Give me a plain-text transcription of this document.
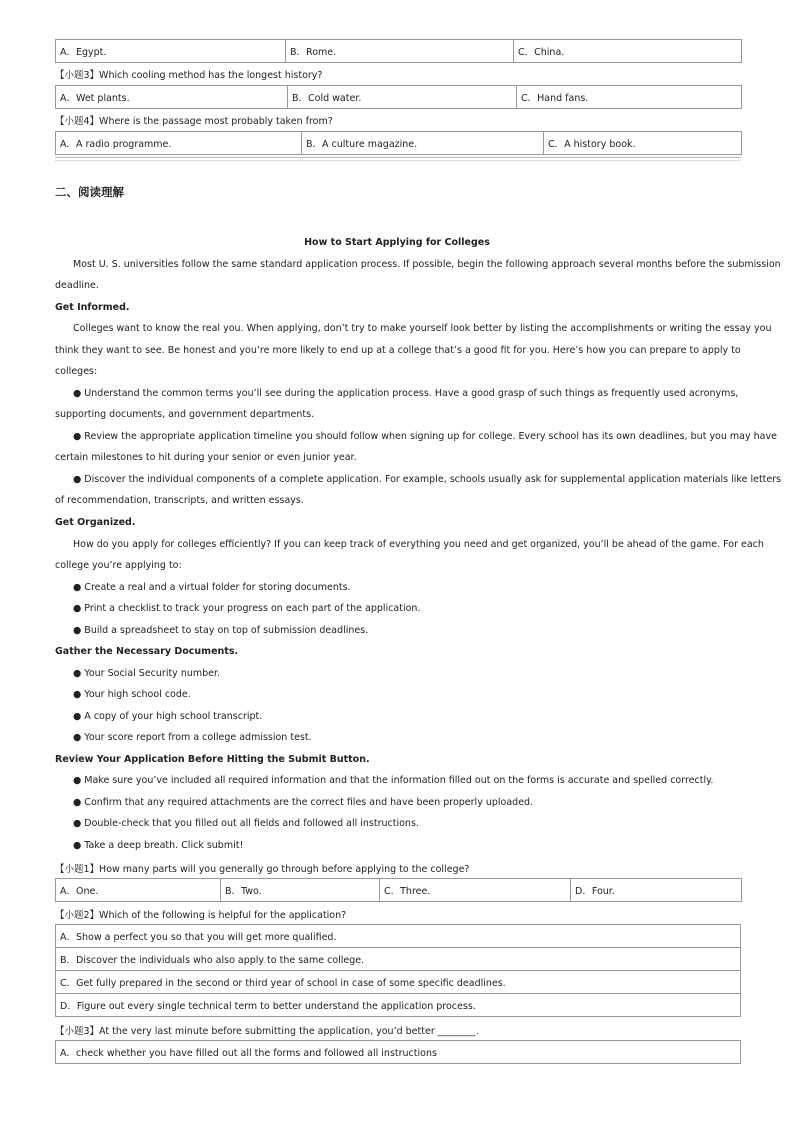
A．Egypt.	B．Rome.	C．China.
【小题3】Which cooling method has the longest history?
A．Wet plants.	B．Cold water.	C．Hand fans.
【小题4】Where is the passage most probably taken from?
A．A radio programme.	B．A culture magazine.	C．A history book.
二、阅读理解
How to Start Applying for Colleges
Most U. S. universities follow the same standard application process. If possible, begin the following approach several months before the submission
deadline.
Get Informed.
Colleges want to know the real you. When applying, don’t try to make yourself look better by listing the accomplishments or writing the essay you
think they want to see. Be honest and you’re more likely to end up at a college that’s a good fit for you. Here’s how you can prepare to apply to
colleges:
● Understand the common terms you’ll see during the application process. Have a good grasp of such things as frequently used acronyms,
supporting documents, and government departments.
● Review the appropriate application timeline you should follow when signing up for college. Every school has its own deadlines, but you may have
certain milestones to hit during your senior or even junior year.
● Discover the individual components of a complete application. For example, schools usually ask for supplemental application materials like letters
of recommendation, transcripts, and written essays.
Get Organized.
How do you apply for colleges efficiently? If you can keep track of everything you need and get organized, you’ll be ahead of the game. For each
college you’re applying to:
● Create a real and a virtual folder for storing documents.
● Print a checklist to track your progress on each part of the application.
● Build a spreadsheet to stay on top of submission deadlines.
Gather the Necessary Documents.
● Your Social Security number.
● Your high school code.
● A copy of your high school transcript.
● Your score report from a college admission test.
Review Your Application Before Hitting the Submit Button.
● Make sure you’ve included all required information and that the information filled out on the forms is accurate and spelled correctly.
● Confirm that any required attachments are the correct files and have been properly uploaded.
● Double-check that you filled out all fields and followed all instructions.
● Take a deep breath. Click submit!
【小题1】How many parts will you generally go through before applying to the college?
A．One.	B．Two.	C．Three.	D．Four.
【小题2】Which of the following is helpful for the application?
A．Show a perfect you so that you will get more qualified.
B．Discover the individuals who also apply to the same college.
C．Get fully prepared in the second or third year of school in case of some specific deadlines.
D．Figure out every single technical term to better understand the application process.
【小题3】At the very last minute before submitting the application, you’d better ________.
A．check whether you have filled out all the forms and followed all instructions
